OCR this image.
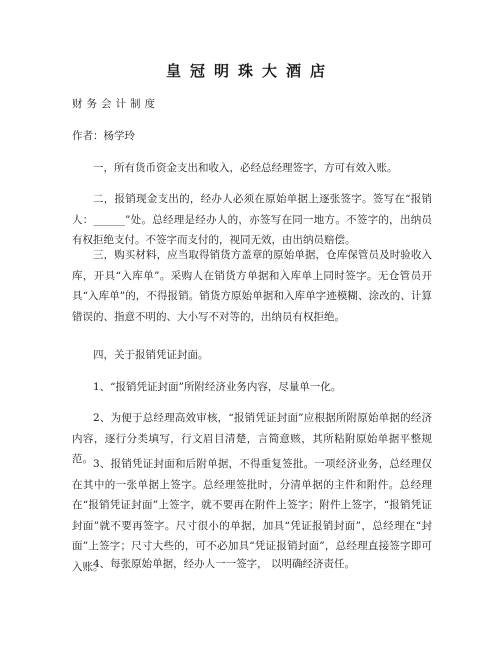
皇冠明珠大酒店

财务会计制度

作者：杨学玲

一，所有货币资金支出和收入，必经总经理签字，方可有效入账。

二，报销现金支出的，经办人必须在原始单据上逐张签字。签写在“报销人：______”处。总经理是经办人的，亦签写在同一地方。不签字的，出纳员有权拒绝支付。不签字而支付的，视同无效，由出纳员赔偿。

三，购买材料，应当取得销货方盖章的原始单据，仓库保管员及时验收入库，开具“入库单”。采购人在销货方单据和入库单上同时签字。无仓管员开具“入库单”的，不得报销。销货方原始单据和入库单字迹模糊、涂改的、计算错误的、指意不明的、大小写不对等的，出纳员有权拒绝。

四，关于报销凭证封面。

1、“报销凭证封面”所附经济业务内容，尽量单一化。

2、为便于总经理高效审核，“报销凭证封面”应根据所附原始单据的经济内容，逐行分类填写，行文眉目清楚，言简意赅，其所粘附原始单据平整规范。 3、报销凭证封面和后附单据，不得重复签批。一项经济业务，总经理仅在其中的一张单据上签字。总经理签批时，分清单据的主件和附件。总经理在“报销凭证封面”上签字，就不要再在附件上签字；附件上签字，“报销凭证封面”就不要再签字。尺寸很小的单据，加具“凭证报销封面”，总经理在“封面”上签字；尺寸大些的，可不必加具“凭证报销封面”，总经理直接签字即可入账。

4、每张原始单据，经办人一一签字， 以明确经济责任。
